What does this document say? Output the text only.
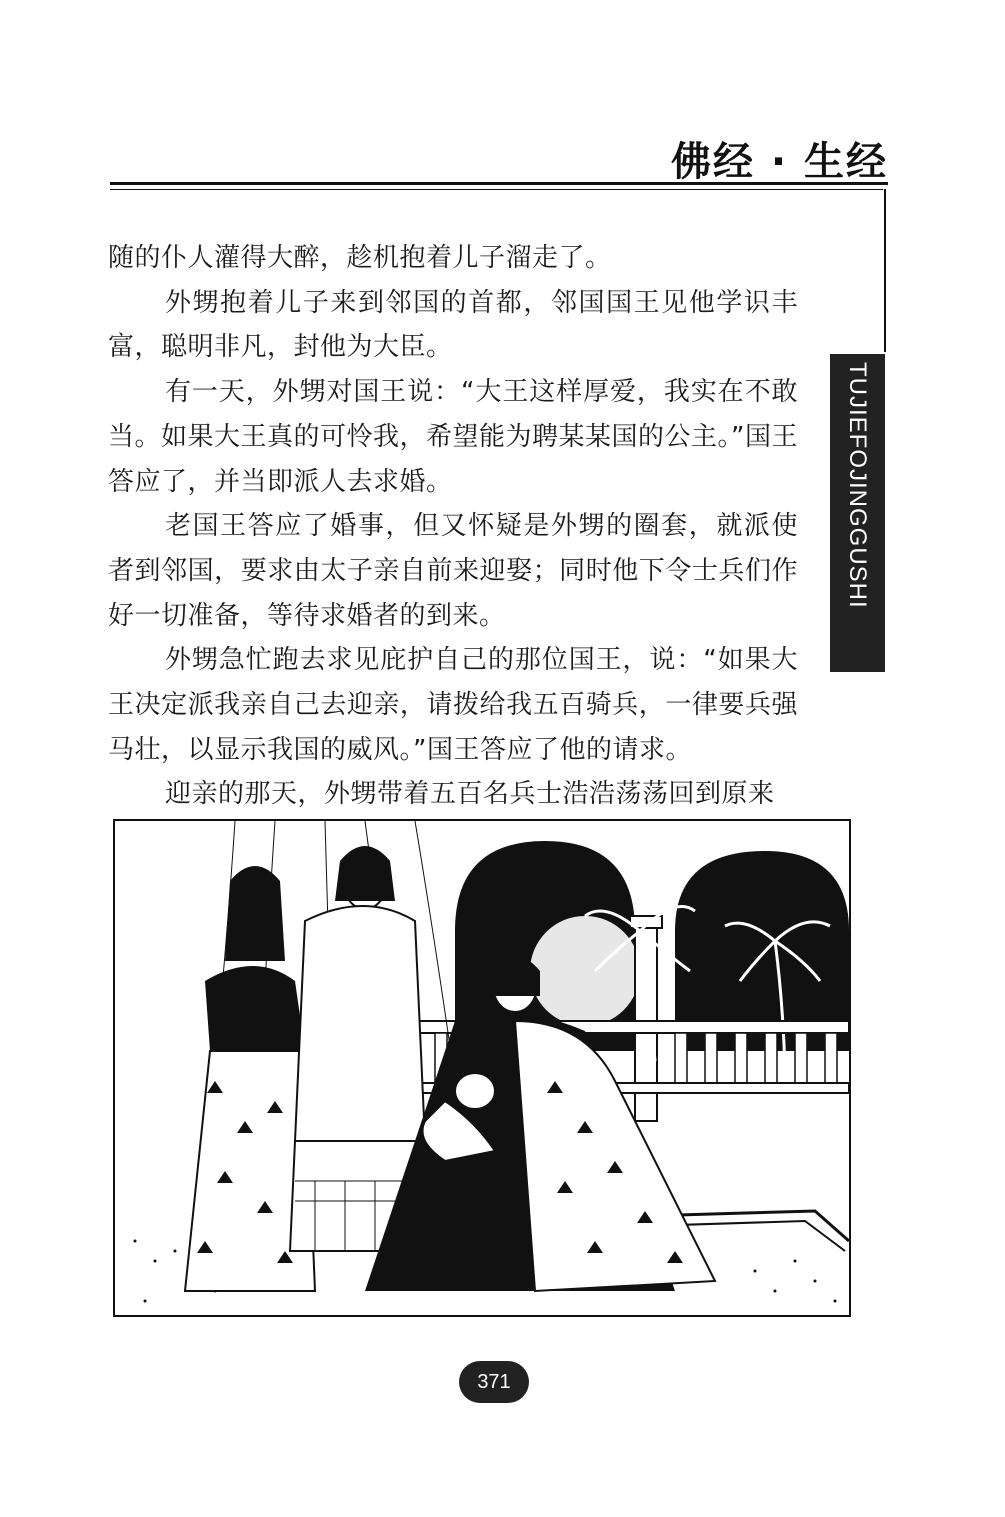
佛经 · 生经
TUJIEFOJINGGUSHI

随的仆人灌得大醉，趁机抱着儿子溜走了。

外甥抱着儿子来到邻国的首都，邻国国王见他学识丰富，聪明非凡，封他为大臣。

有一天，外甥对国王说：“大王这样厚爱，我实在不敢当。如果大王真的可怜我，希望能为聘某某国的公主。”国王答应了，并当即派人去求婚。

老国王答应了婚事，但又怀疑是外甥的圈套，就派使者到邻国，要求由太子亲自前来迎娶；同时他下令士兵们作好一切准备，等待求婚者的到来。

外甥急忙跑去求见庇护自己的那位国王，说：“如果大王决定派我亲自己去迎亲，请拨给我五百骑兵，一律要兵强马壮，以显示我国的威风。”国王答应了他的请求。

迎亲的那天，外甥带着五百名兵士浩浩荡荡回到原来

371
